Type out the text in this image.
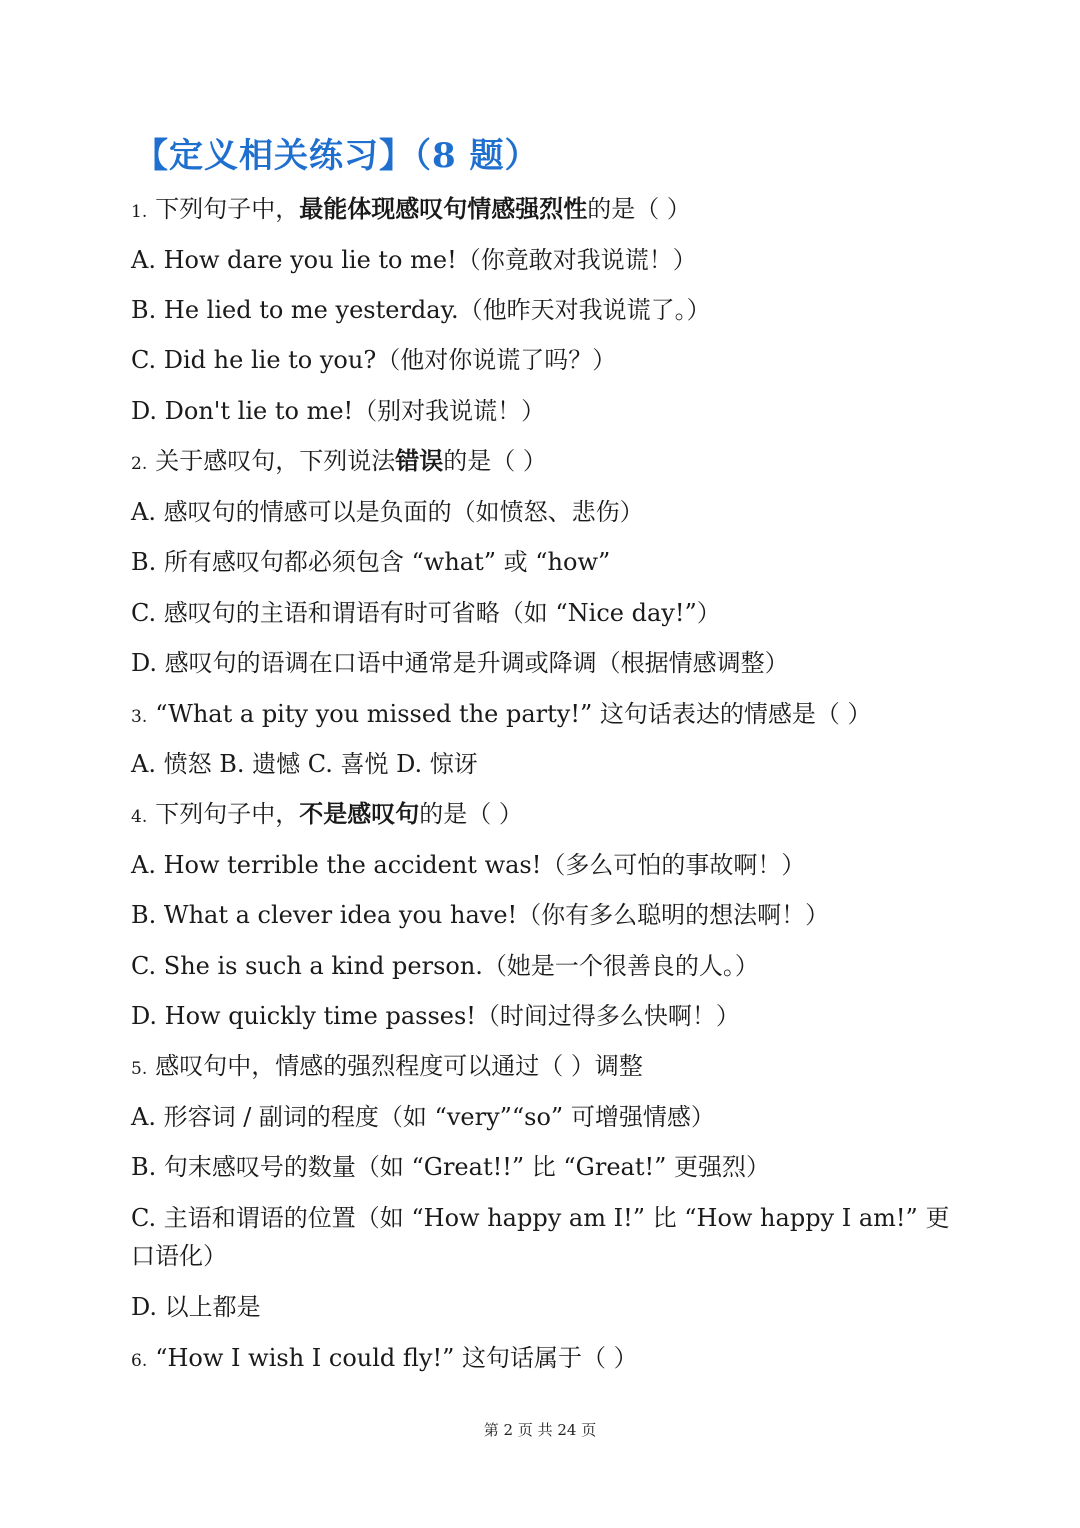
【定义相关练习】（8 题）
1. 下列句子中，最能体现感叹句情感强烈性的是（ ）
A. How dare you lie to me!（你竟敢对我说谎！）
B. He lied to me yesterday.（他昨天对我说谎了。）
C. Did he lie to you?（他对你说谎了吗？）
D. Don't lie to me!（别对我说谎！）
2. 关于感叹句，下列说法错误的是（ ）
A. 感叹句的情感可以是负面的（如愤怒、悲伤）
B. 所有感叹句都必须包含 “what” 或 “how”
C. 感叹句的主语和谓语有时可省略（如 “Nice day!”）
D. 感叹句的语调在口语中通常是升调或降调（根据情感调整）
3. “What a pity you missed the party!” 这句话表达的情感是（ ）
A. 愤怒 B. 遗憾 C. 喜悦 D. 惊讶
4. 下列句子中，不是感叹句的是（ ）
A. How terrible the accident was!（多么可怕的事故啊！）
B. What a clever idea you have!（你有多么聪明的想法啊！）
C. She is such a kind person.（她是一个很善良的人。）
D. How quickly time passes!（时间过得多么快啊！）
5. 感叹句中，情感的强烈程度可以通过（ ）调整
A. 形容词 / 副词的程度（如 “very”“so” 可增强情感）
B. 句末感叹号的数量（如 “Great!!” 比 “Great!” 更强烈）
C. 主语和谓语的位置（如 “How happy am I!” 比 “How happy I am!” 更口语化）
D. 以上都是
6. “How I wish I could fly!” 这句话属于（ ）
第 2 页 共 24 页
